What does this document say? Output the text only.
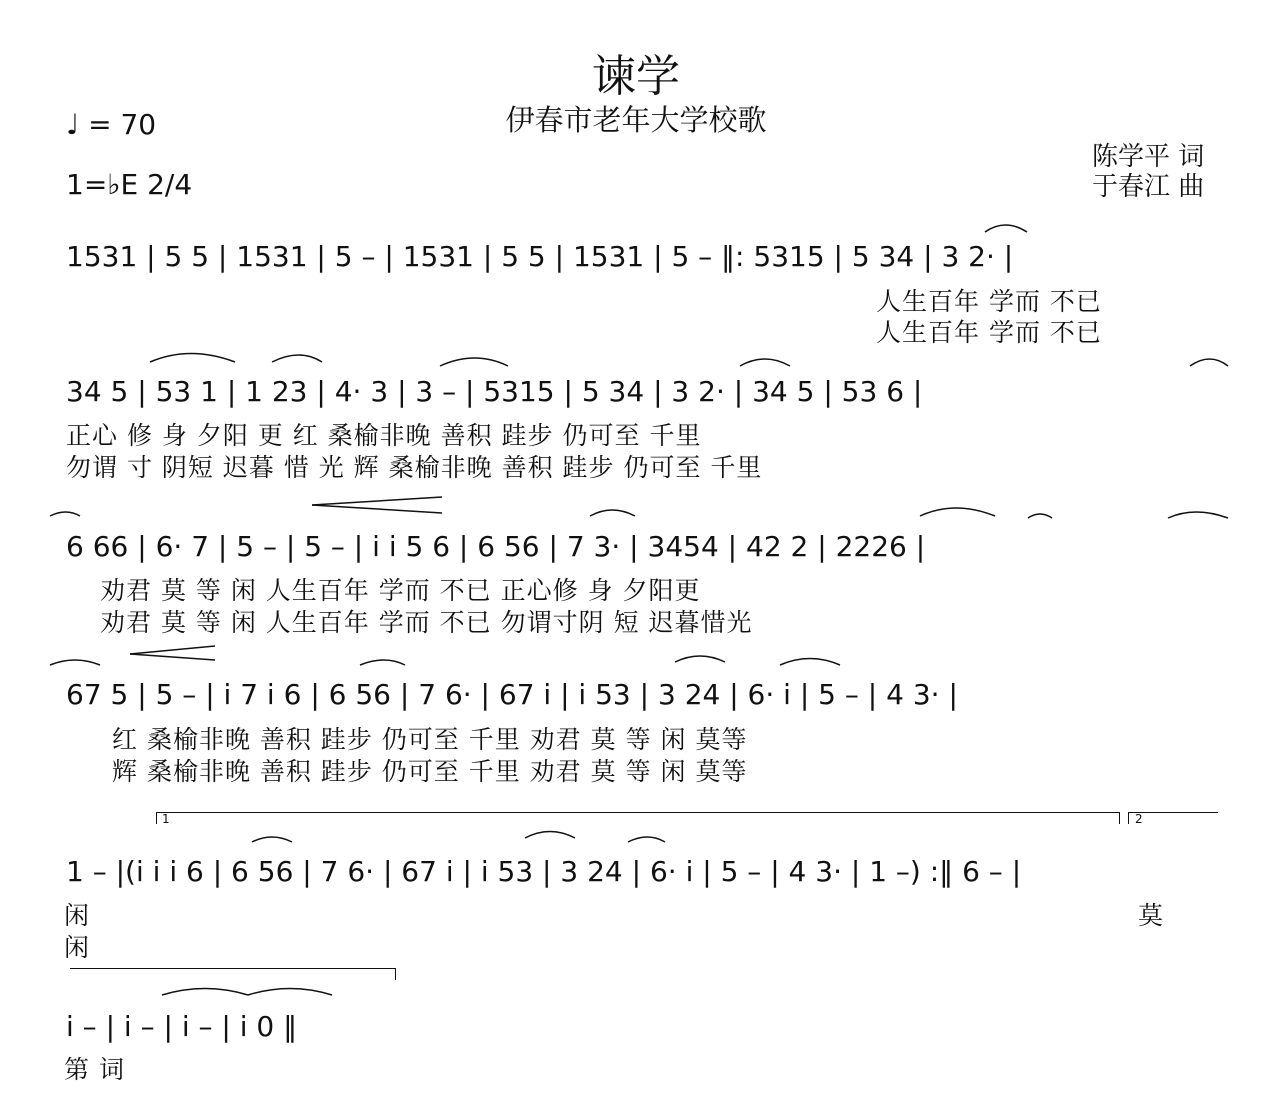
谏学
伊春市老年大学校歌
♩ = 70
1=♭E 2/4
陈学平 词
于春江 曲
1531 | 5 5 | 1531 | 5 – | 1531 | 5 5 | 1531 | 5 – ‖: 5315 | 5 34 | 3 2· |
人生百年 学而 不已
人生百年 学而 不已
34 5 | 53 1 | 1 23 | 4· 3 | 3 – | 5315 | 5 34 | 3 2· | 34 5 | 53 6 |
正心 修 身 夕阳 更 红 桑榆非晚 善积 跬步 仍可至 千里
勿谓 寸 阴短 迟暮 惜 光 辉 桑榆非晚 善积 跬步 仍可至 千里
6 66 | 6· 7 | 5 – | 5 – | i i 5 6 | 6 56 | 7 3· | 3454 | 42 2 | 2226 |
劝君 莫 等 闲 人生百年 学而 不已 正心修 身 夕阳更
劝君 莫 等 闲 人生百年 学而 不已 勿谓寸阴 短 迟暮惜光
67 5 | 5 – | i 7 i 6 | 6 56 | 7 6· | 67 i | i 53 | 3 24 | 6· i | 5 – | 4 3· |
红 桑榆非晚 善积 跬步 仍可至 千里 劝君 莫 等 闲 莫等
辉 桑榆非晚 善积 跬步 仍可至 千里 劝君 莫 等 闲 莫等
1	2
1 – |(i i i 6 | 6 56 | 7 6· | 67 i | i 53 | 3 24 | 6· i | 5 – | 4 3· | 1 –) :‖ 6 – |
闲
闲
莫
i – | i – | i – | i 0 ‖
第 词
